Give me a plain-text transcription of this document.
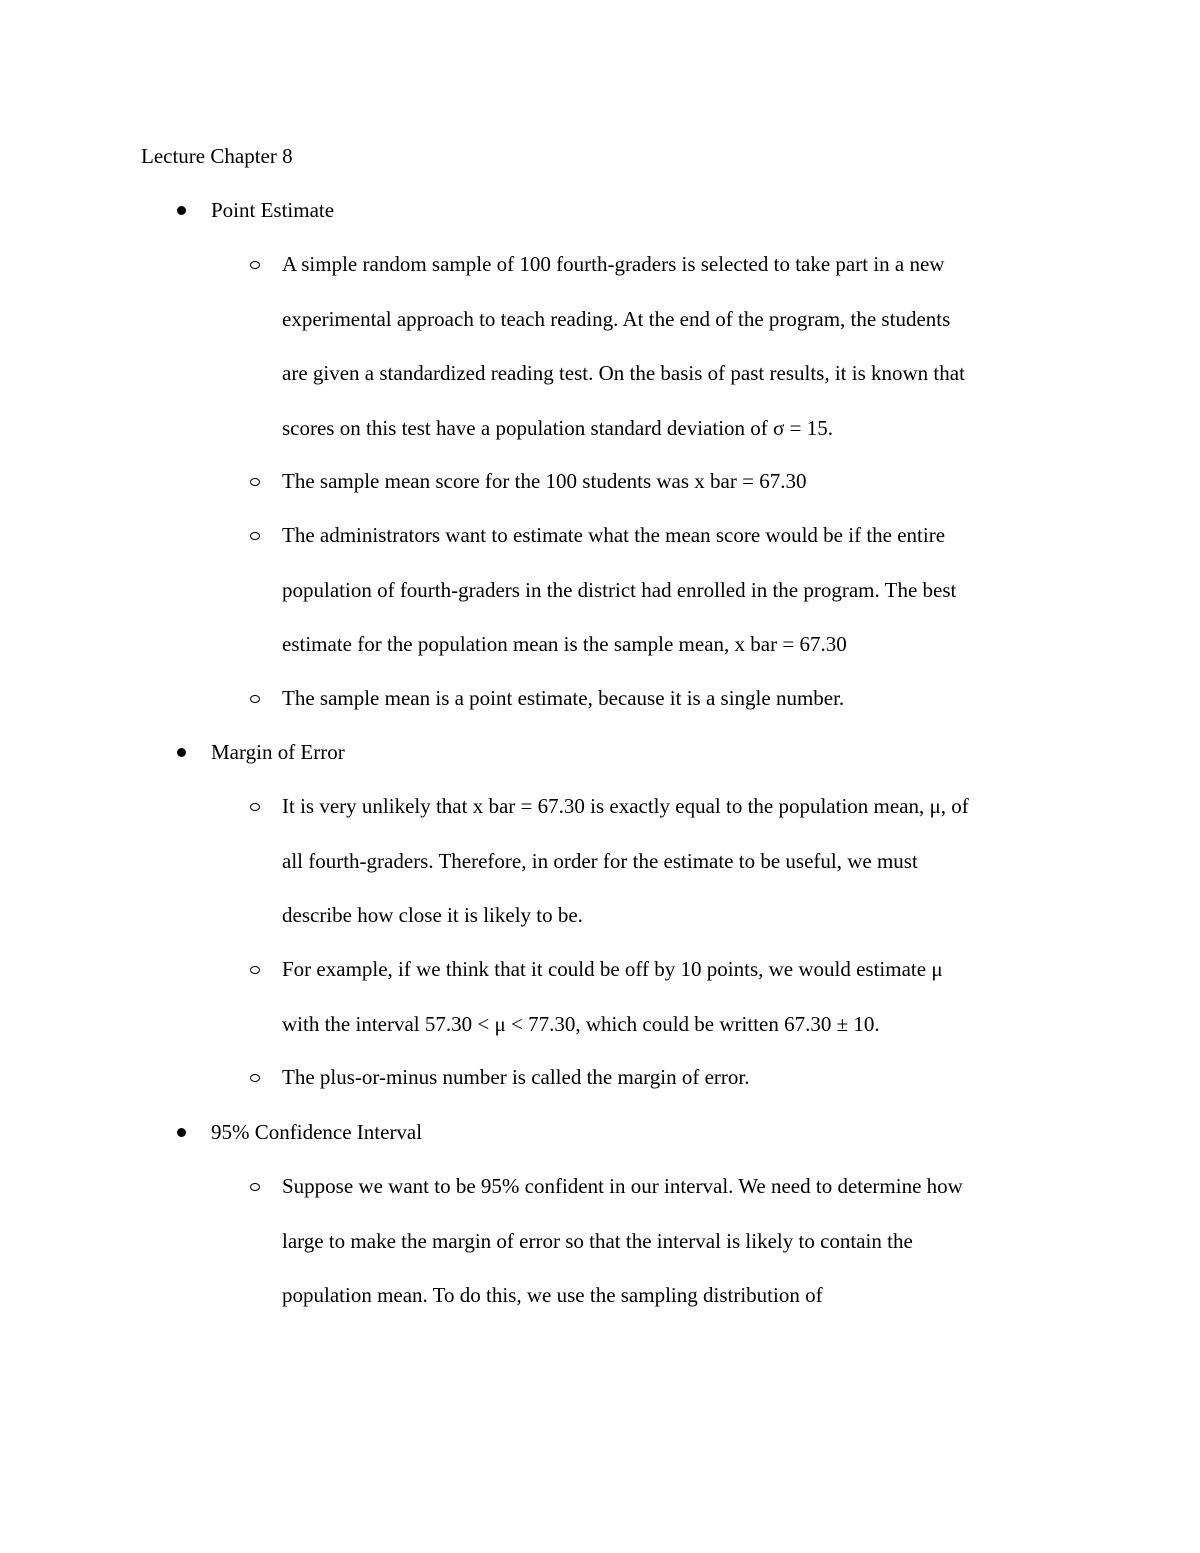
Lecture Chapter 8
Point Estimate
A simple random sample of 100 fourth-graders is selected to take part in a new
experimental approach to teach reading. At the end of the program, the students
are given a standardized reading test. On the basis of past results, it is known that
scores on this test have a population standard deviation of σ = 15.
The sample mean score for the 100 students was x bar = 67.30
The administrators want to estimate what the mean score would be if the entire
population of fourth-graders in the district had enrolled in the program. The best
estimate for the population mean is the sample mean, x bar = 67.30
The sample mean is a point estimate, because it is a single number.
Margin of Error
It is very unlikely that x bar = 67.30 is exactly equal to the population mean, μ, of
all fourth-graders. Therefore, in order for the estimate to be useful, we must
describe how close it is likely to be.
For example, if we think that it could be off by 10 points, we would estimate μ
with the interval 57.30 < μ < 77.30, which could be written 67.30 ± 10.
The plus-or-minus number is called the margin of error.
95% Confidence Interval
Suppose we want to be 95% confident in our interval. We need to determine how
large to make the margin of error so that the interval is likely to contain the
population mean. To do this, we use the sampling distribution of
